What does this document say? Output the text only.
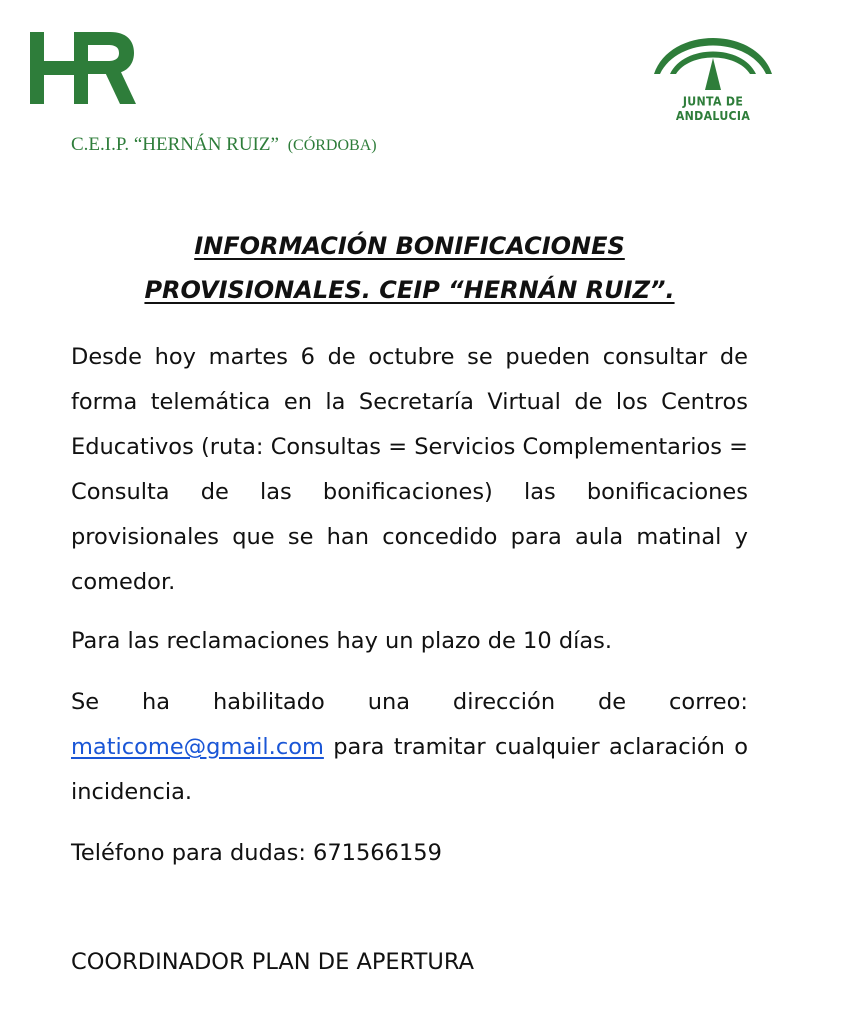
JUNTA DE ANDALUCIA
C.E.I.P. “HERNÁN RUIZ” (CÓRDOBA)
INFORMACIÓN BONIFICACIONES
PROVISIONALES. CEIP “HERNÁN RUIZ”.
Desde hoy martes 6 de octubre se pueden consultar de forma telemática en la Secretaría Virtual de los Centros Educativos (ruta: Consultas = Servicios Complementarios = Consulta de las bonificaciones) las bonificaciones provisionales que se han concedido para aula matinal y comedor.
Para las reclamaciones hay un plazo de 10 días.
Se ha habilitado una dirección de correo: maticome@gmail.com para tramitar cualquier aclaración o incidencia.
Teléfono para dudas: 671566159
COORDINADOR PLAN DE APERTURA
